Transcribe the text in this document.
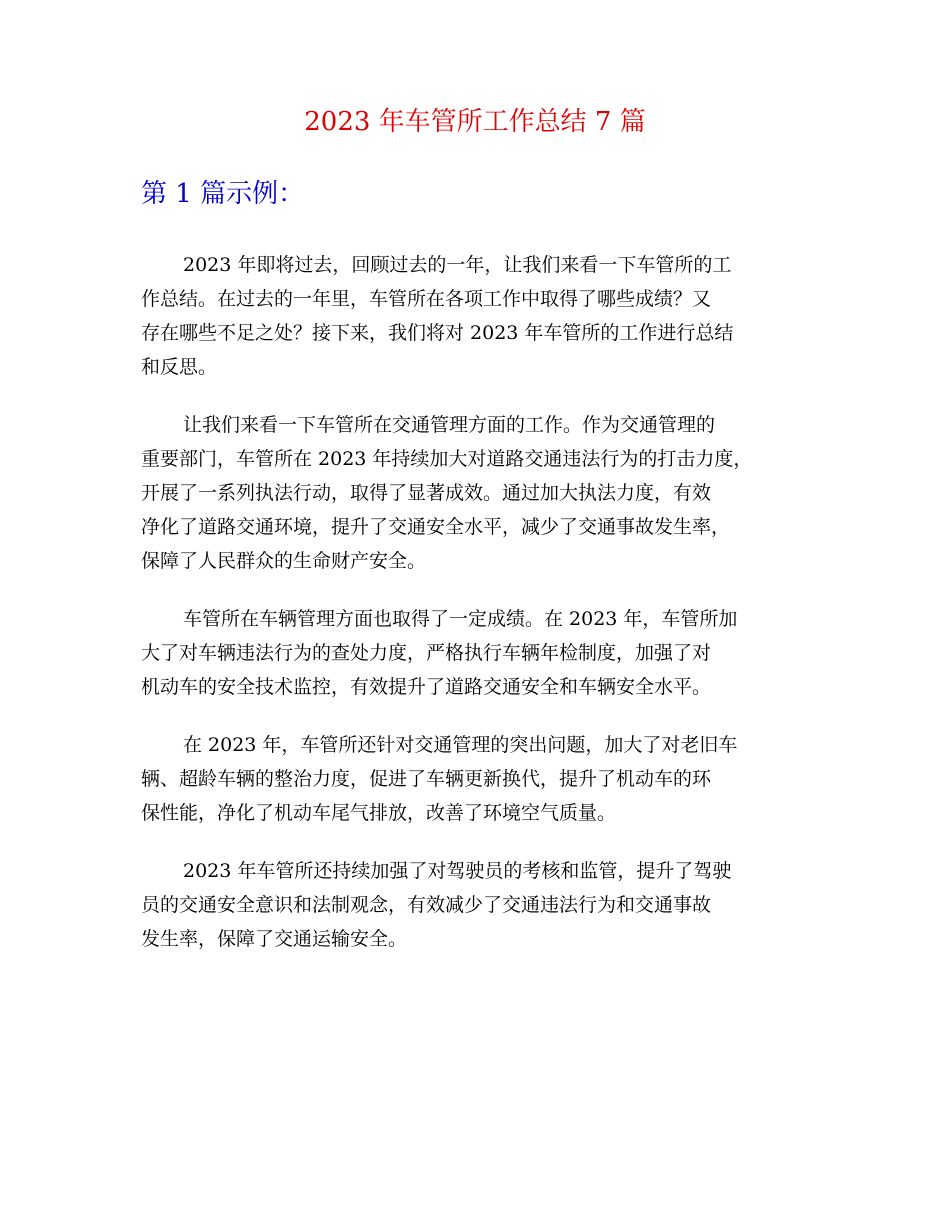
2023 年车管所工作总结 7 篇
第 1 篇示例：
2023 年即将过去，回顾过去的一年，让我们来看一下车管所的工
作总结。在过去的一年里，车管所在各项工作中取得了哪些成绩？又
存在哪些不足之处？接下来，我们将对 2023 年车管所的工作进行总结
和反思。
让我们来看一下车管所在交通管理方面的工作。作为交通管理的
重要部门，车管所在 2023 年持续加大对道路交通违法行为的打击力度，
开展了一系列执法行动，取得了显著成效。通过加大执法力度，有效
净化了道路交通环境，提升了交通安全水平，减少了交通事故发生率，
保障了人民群众的生命财产安全。
车管所在车辆管理方面也取得了一定成绩。在 2023 年，车管所加
大了对车辆违法行为的查处力度，严格执行车辆年检制度，加强了对
机动车的安全技术监控，有效提升了道路交通安全和车辆安全水平。
在 2023 年，车管所还针对交通管理的突出问题，加大了对老旧车
辆、超龄车辆的整治力度，促进了车辆更新换代，提升了机动车的环
保性能，净化了机动车尾气排放，改善了环境空气质量。
2023 年车管所还持续加强了对驾驶员的考核和监管，提升了驾驶
员的交通安全意识和法制观念，有效减少了交通违法行为和交通事故
发生率，保障了交通运输安全。
